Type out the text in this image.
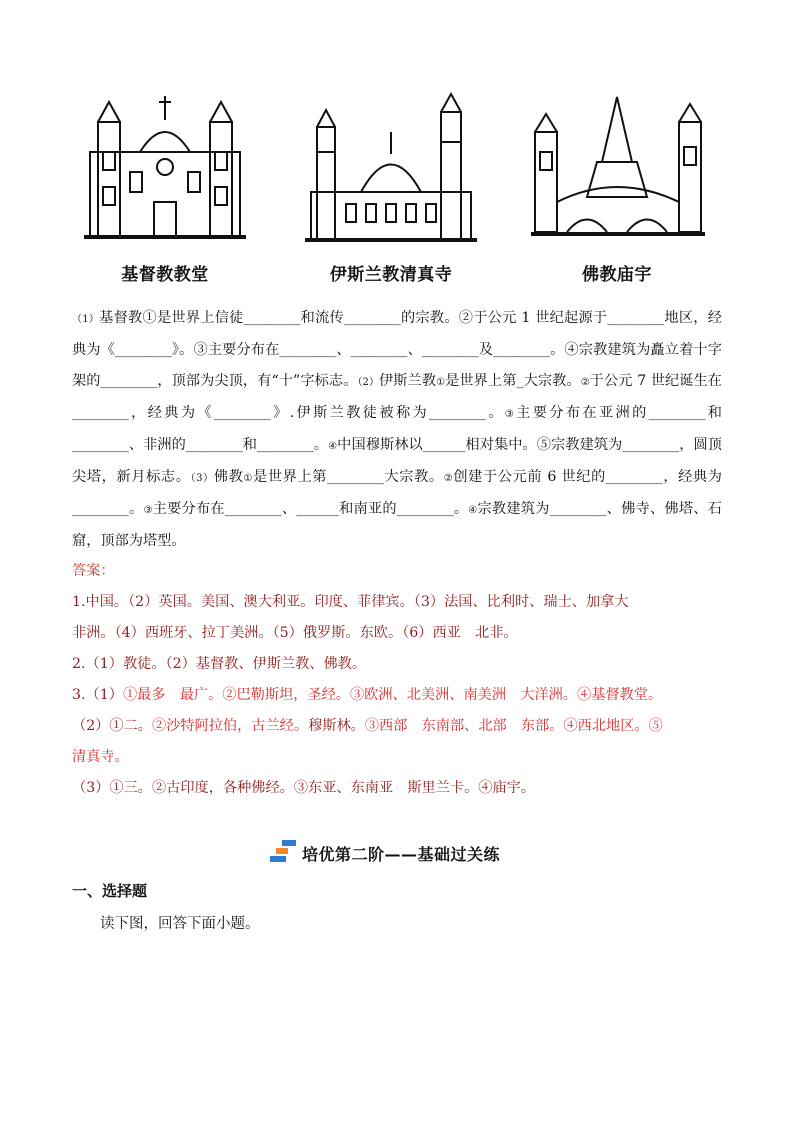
基督教教堂	伊斯兰教清真寺	佛教庙宇
（1）基督教①是世界上信徒________和流传________的宗教。②于公元 1 世纪起源于________地区，经典为《________》。③主要分布在________、________、________及________。④宗教建筑为矗立着十字架的________，顶部为尖顶，有“十”字标志。（2）伊斯兰教①是世界上第_大宗教。②于公元 7 世纪诞生在________，经典为《________》.伊斯兰教徒被称为________。③主要分布在亚洲的________和________、非洲的________和________。④中国穆斯林以______相对集中。⑤宗教建筑为________，圆顶尖塔，新月标志。（3）佛教①是世界上第________大宗教。②创建于公元前 6 世纪的________，经典为________。③主要分布在________、______和南亚的________。④宗教建筑为________、佛寺、佛塔、石窟，顶部为塔型。
答案：
1.中国。（2）英国。美国、澳大利亚。印度、菲律宾。（3）法国、比利时、瑞士、加拿大
非洲。（4）西班牙、拉丁美洲。（5）俄罗斯。东欧。（6）西亚　北非。
2.（1）教徒。（2）基督教、伊斯兰教、佛教。
3.（1）①最多　最广。②巴勒斯坦，圣经。③欧洲、北美洲、南美洲　大洋洲。④基督教堂。
（2）①二。②沙特阿拉伯，古兰经。穆斯林。③西部　东南部、北部　东部。④西北地区。⑤
清真寺。
（3）①三。②古印度，各种佛经。③东亚、东南亚　斯里兰卡。④庙宇。
培优第二阶——基础过关练
一、选择题
读下图，回答下面小题。
